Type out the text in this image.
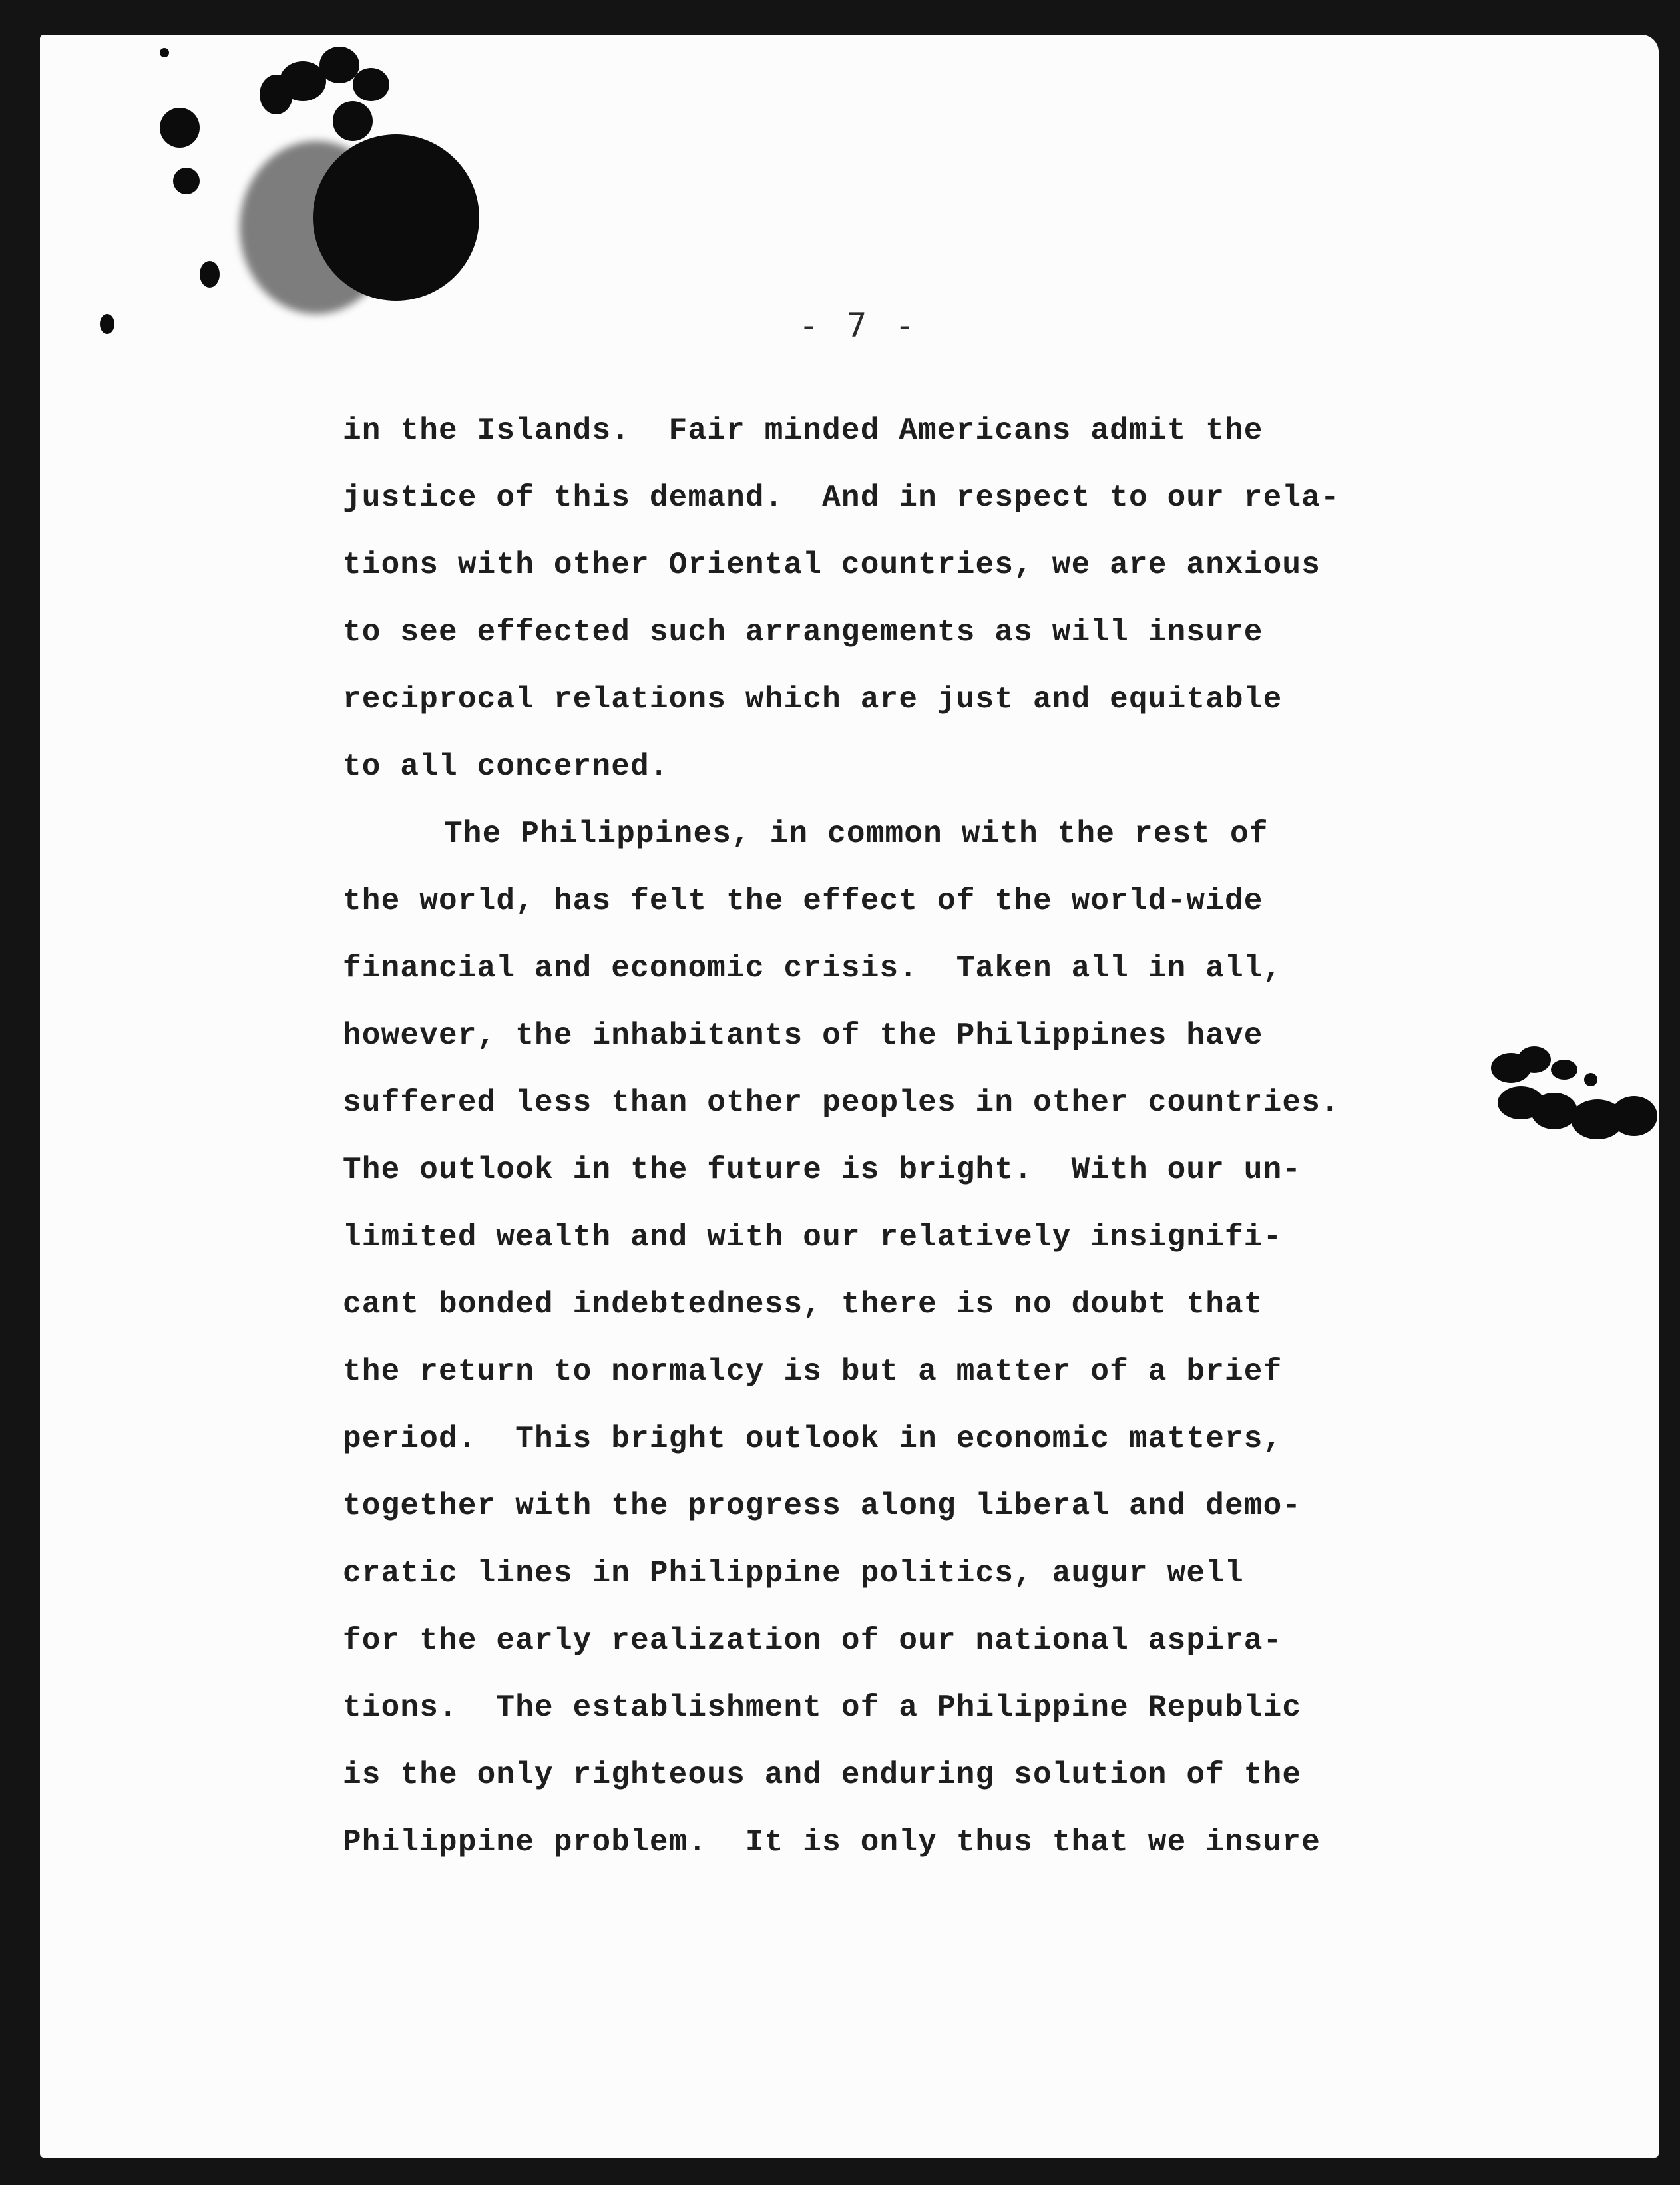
- 7 -
in the Islands.  Fair minded Americans admit the
justice of this demand.  And in respect to our rela-
tions with other Oriental countries, we are anxious
to see effected such arrangements as will insure
reciprocal relations which are just and equitable
to all concerned.
The Philippines, in common with the rest of
the world, has felt the effect of the world-wide
financial and economic crisis.  Taken all in all,
however, the inhabitants of the Philippines have
suffered less than other peoples in other countries.
The outlook in the future is bright.  With our un-
limited wealth and with our relatively insignifi-
cant bonded indebtedness, there is no doubt that
the return to normalcy is but a matter of a brief
period.  This bright outlook in economic matters,
together with the progress along liberal and demo-
cratic lines in Philippine politics, augur well
for the early realization of our national aspira-
tions.  The establishment of a Philippine Republic
is the only righteous and enduring solution of the
Philippine problem.  It is only thus that we insure
